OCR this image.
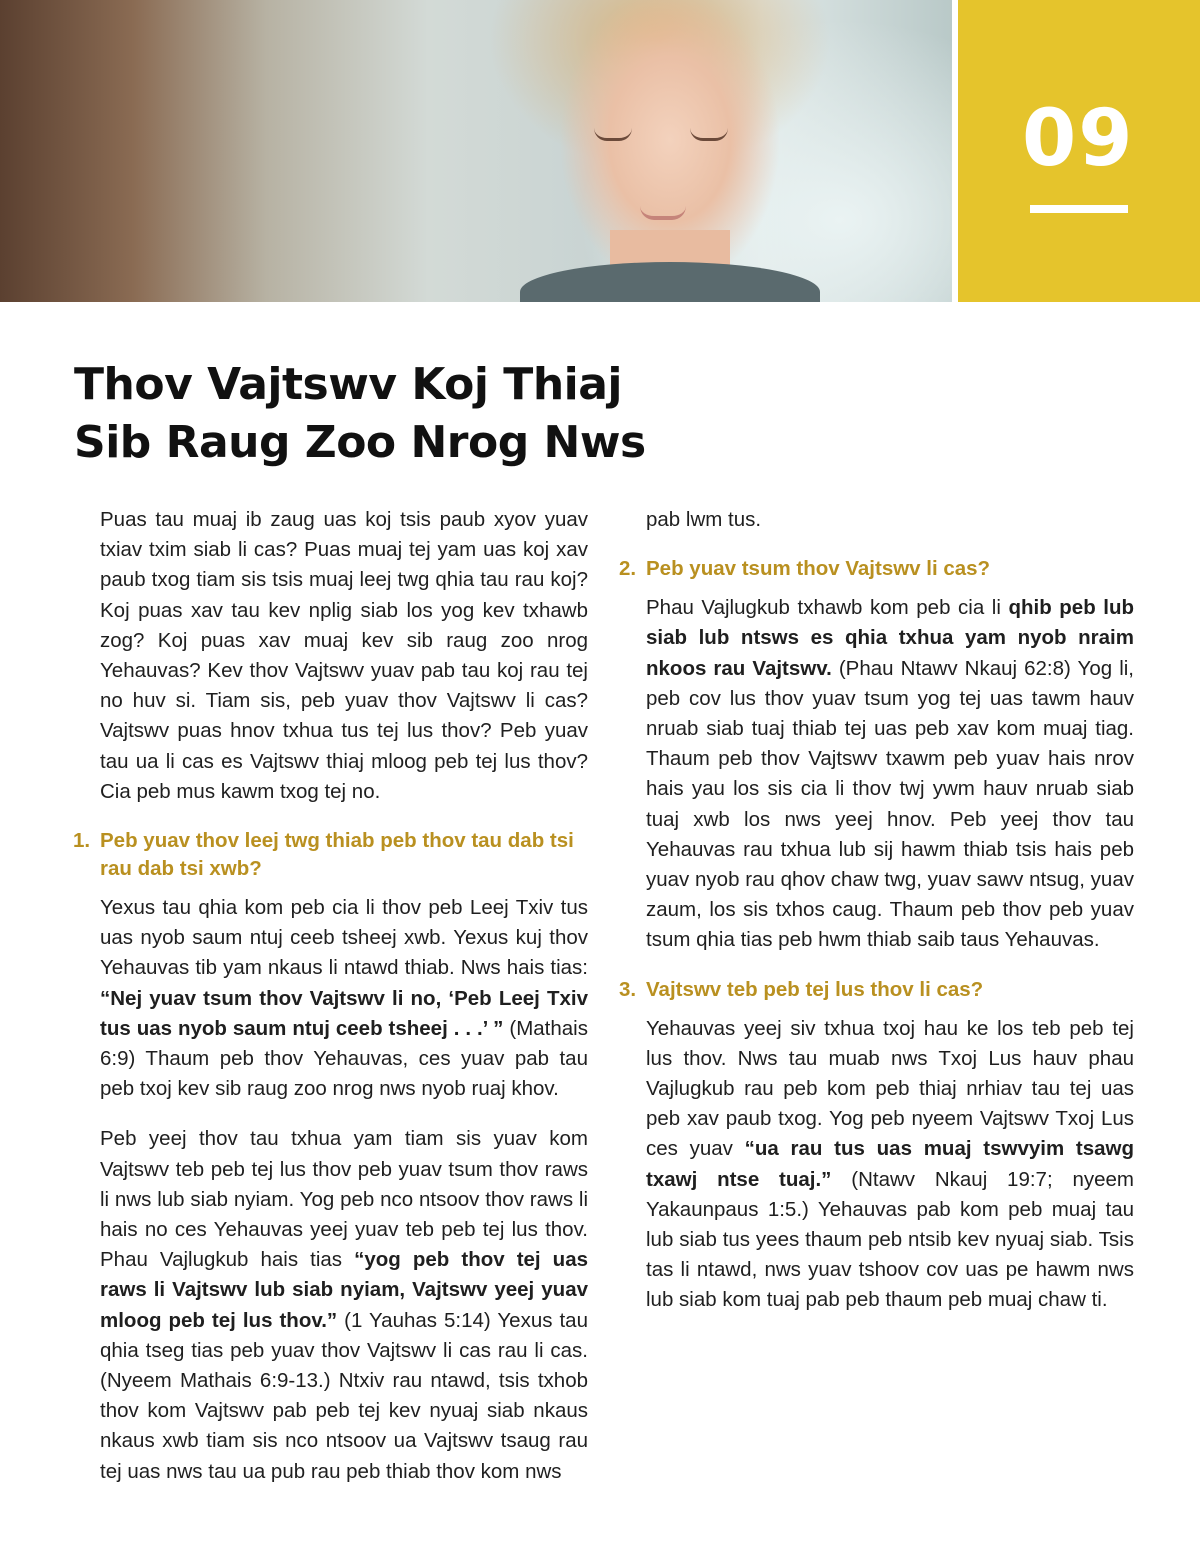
09
Thov Vajtswv Koj Thiaj
Sib Raug Zoo Nrog Nws

Puas tau muaj ib zaug uas koj tsis paub xyov yuav txiav txim siab li cas? Puas muaj tej yam uas koj xav paub txog tiam sis tsis muaj leej twg qhia tau rau koj? Koj puas xav tau kev nplig siab los yog kev txhawb zog? Koj puas xav muaj kev sib raug zoo nrog Yehauvas? Kev thov Vajtswv yuav pab tau koj rau tej no huv si. Tiam sis, peb yuav thov Vajtswv li cas? Vajtswv puas hnov txhua tus tej lus thov? Peb yuav tau ua li cas es Vajtswv thiaj mloog peb tej lus thov? Cia peb mus kawm txog tej no.

1. Peb yuav thov leej twg thiab peb thov tau dab tsi rau dab tsi xwb?

Yexus tau qhia kom peb cia li thov peb Leej Txiv tus uas nyob saum ntuj ceeb tsheej xwb. Yexus kuj thov Yehauvas tib yam nkaus li ntawd thiab. Nws hais tias: “Nej yuav tsum thov Vajtswv li no, ‘Peb Leej Txiv tus uas nyob saum ntuj ceeb tsheej . . .’ ” (Mathais 6:9) Thaum peb thov Yehauvas, ces yuav pab tau peb txoj kev sib raug zoo nrog nws nyob ruaj khov.

Peb yeej thov tau txhua yam tiam sis yuav kom Vajtswv teb peb tej lus thov peb yuav tsum thov raws li nws lub siab nyiam. Yog peb nco ntsoov thov raws li hais no ces Yehauvas yeej yuav teb peb tej lus thov. Phau Vajlugkub hais tias “yog peb thov tej uas raws li Vajtswv lub siab nyiam, Vajtswv yeej yuav mloog peb tej lus thov.” (1 Yauhas 5:14) Yexus tau qhia tseg tias peb yuav thov Vajtswv li cas rau li cas. (Nyeem Mathais 6:9-13.) Ntxiv rau ntawd, tsis txhob thov kom Vajtswv pab peb tej kev nyuaj siab nkaus nkaus xwb tiam sis nco ntsoov ua Vajtswv tsaug rau tej uas nws tau ua pub rau peb thiab thov kom nws

pab lwm tus.

2. Peb yuav tsum thov Vajtswv li cas?

Phau Vajlugkub txhawb kom peb cia li qhib peb lub siab lub ntsws es qhia txhua yam nyob nraim nkoos rau Vajtswv. (Phau Ntawv Nkauj 62:8) Yog li, peb cov lus thov yuav tsum yog tej uas tawm hauv nruab siab tuaj thiab tej uas peb xav kom muaj tiag. Thaum peb thov Vajtswv txawm peb yuav hais nrov hais yau los sis cia li thov twj ywm hauv nruab siab tuaj xwb los nws yeej hnov. Peb yeej thov tau Yehauvas rau txhua lub sij hawm thiab tsis hais peb yuav nyob rau qhov chaw twg, yuav sawv ntsug, yuav zaum, los sis txhos caug. Thaum peb thov peb yuav tsum qhia tias peb hwm thiab saib taus Yehauvas.

3. Vajtswv teb peb tej lus thov li cas?

Yehauvas yeej siv txhua txoj hau ke los teb peb tej lus thov. Nws tau muab nws Txoj Lus hauv phau Vajlugkub rau peb kom peb thiaj nrhiav tau tej uas peb xav paub txog. Yog peb nyeem Vajtswv Txoj Lus ces yuav “ua rau tus uas muaj tswvyim tsawg txawj ntse tuaj.” (Ntawv Nkauj 19:7; nyeem Yakaunpaus 1:5.) Yehauvas pab kom peb muaj tau lub siab tus yees thaum peb ntsib kev nyuaj siab. Tsis tas li ntawd, nws yuav tshoov cov uas pe hawm nws lub siab kom tuaj pab peb thaum peb muaj chaw ti.
